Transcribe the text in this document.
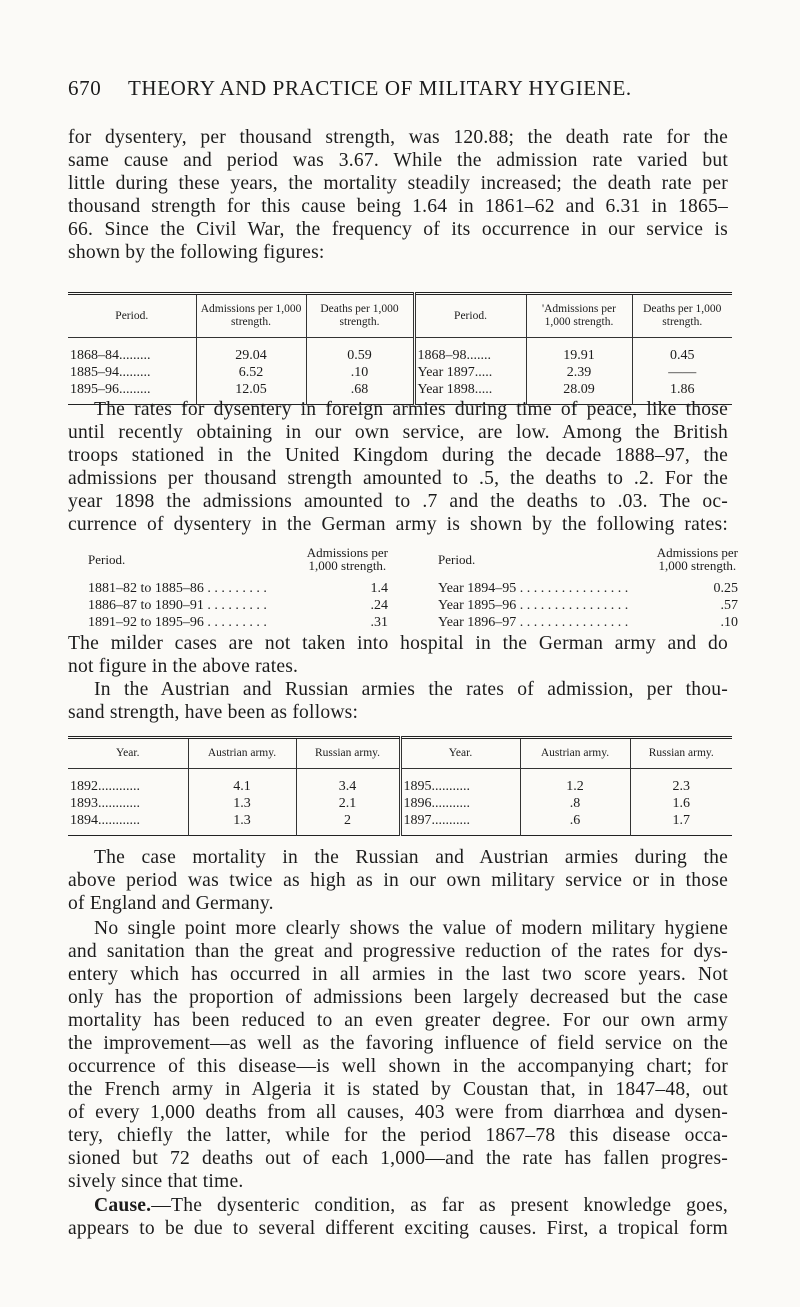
670 THEORY AND PRACTICE OF MILITARY HYGIENE.
for dysentery, per thousand strength, was 120.88; the death rate for the
same cause and period was 3.67. While the admission rate varied but
little during these years, the mortality steadily increased; the death rate per
thousand strength for this cause being 1.64 in 1861–62 and 6.31 in 1865–
66. Since the Civil War, the frequency of its occurrence in our service is
shown by the following figures:
Period.	Admissions per 1,000 strength.	Deaths per 1,000 strength.	Period.	'Admissions per 1,000 strength.	Deaths per 1,000 strength.
1868–84.........	29.04	0.59	1868–98.......	19.91	0.45
1885–94.........	6.52	.10	Year 1897.....	2.39	——
1895–96.........	12.05	.68	Year 1898.....	28.09	1.86
The rates for dysentery in foreign armies during time of peace, like those
until recently obtaining in our own service, are low. Among the British
troops stationed in the United Kingdom during the decade 1888–97, the
admissions per thousand strength amounted to .5, the deaths to .2. For the
year 1898 the admissions amounted to .7 and the deaths to .03. The oc-
currence of dysentery in the German army is shown by the following rates:
Period.	Admissions per
1,000 strength.
1881–82 to 1885–86 . . . . . . . . .	1.4
1886–87 to 1890–91 . . . . . . . . .	.24
1891–92 to 1895–96 . . . . . . . . .	.31
Period.	Admissions per
1,000 strength.
Year 1894–95 . . . . . . . . . . . . . . . .	0.25
Year 1895–96 . . . . . . . . . . . . . . . .	.57
Year 1896–97 . . . . . . . . . . . . . . . .	.10
The milder cases are not taken into hospital in the German army and do
not figure in the above rates.
In the Austrian and Russian armies the rates of admission, per thou-
sand strength, have been as follows:
Year.	Austrian army.	Russian army.	Year.	Austrian army.	Russian army.
1892............	4.1	3.4	1895...........	1.2	2.3
1893............	1.3	2.1	1896...........	.8	1.6
1894............	1.3	2	1897...........	.6	1.7
The case mortality in the Russian and Austrian armies during the
above period was twice as high as in our own military service or in those
of England and Germany.
No single point more clearly shows the value of modern military hygiene
and sanitation than the great and progressive reduction of the rates for dys-
entery which has occurred in all armies in the last two score years. Not
only has the proportion of admissions been largely decreased but the case
mortality has been reduced to an even greater degree. For our own army
the improvement—as well as the favoring influence of field service on the
occurrence of this disease—is well shown in the accompanying chart; for
the French army in Algeria it is stated by Coustan that, in 1847–48, out
of every 1,000 deaths from all causes, 403 were from diarrhœa and dysen-
tery, chiefly the latter, while for the period 1867–78 this disease occa-
sioned but 72 deaths out of each 1,000—and the rate has fallen progres-
sively since that time.
Cause.—The dysenteric condition, as far as present knowledge goes,
appears to be due to several different exciting causes. First, a tropical form
